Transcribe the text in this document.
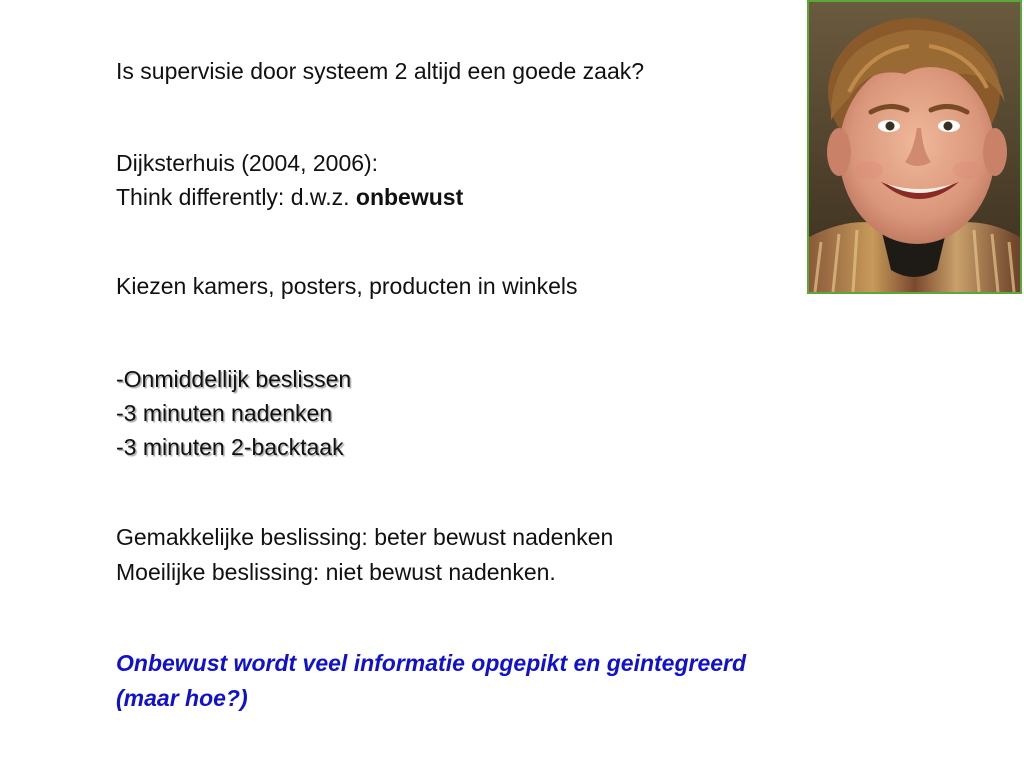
Is supervisie door systeem 2 altijd een goede zaak?

Dijksterhuis (2004, 2006):

Think differently: d.w.z. onbewust

Kiezen kamers, posters, producten in winkels

-Onmiddellijk beslissen

-3 minuten nadenken

-3 minuten 2-backtaak

Gemakkelijke beslissing: beter bewust nadenken

Moeilijke beslissing: niet bewust nadenken.

Onbewust wordt veel informatie opgepikt en geintegreerd

(maar hoe?)
